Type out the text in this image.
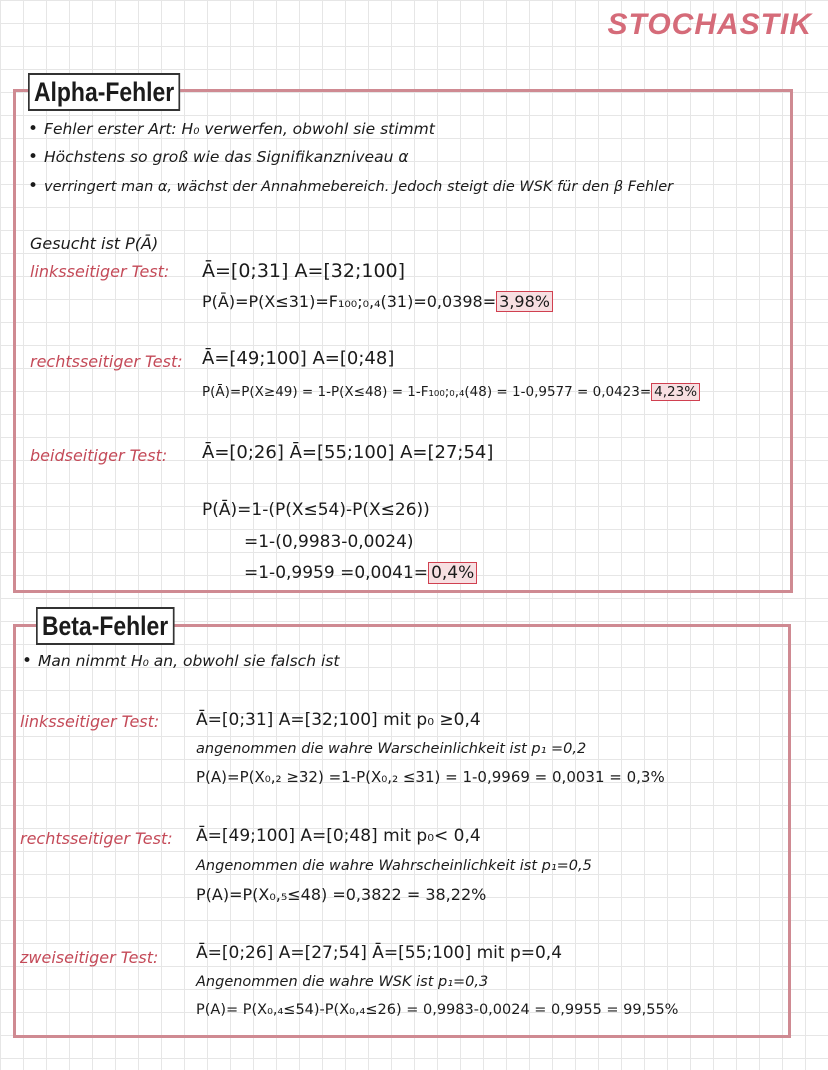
STOCHASTIK
Alpha-Fehler
• Fehler erster Art: H₀ verwerfen, obwohl sie stimmt
• Höchstens so groß wie das Signifikanzniveau α
• verringert man α, wächst der Annahmebereich. Jedoch steigt die WSK für den β Fehler
Gesucht ist P(Ā)
linksseitiger Test: Ā=[0;31] A=[32;100]
P(Ā)=P(X≤31)=F₁₀₀;₀,₄(31)=0,0398= 3,98%
rechtsseitiger Test: Ā=[49;100] A=[0;48]
P(Ā)=P(X≥49) = 1-P(X≤48) = 1-F₁₀₀;₀,₄(48) = 1-0,9577 = 0,0423= 4,23%
beidseitiger Test: Ā=[0;26] Ā=[55;100] A=[27;54]
P(Ā)=1-(P(X≤54)-P(X≤26))
=1-(0,9983-0,0024)
=1-0,9959 =0,0041= 0,4%
Beta-Fehler
• Man nimmt H₀ an, obwohl sie falsch ist
linksseitiger Test: Ā=[0;31] A=[32;100] mit p₀ ≥0,4
angenommen die wahre Warscheinlichkeit ist p₁ =0,2
P(A)=P(X₀,₂ ≥32) =1-P(X₀,₂ ≤31) = 1-0,9969 = 0,0031 = 0,3%
rechtsseitiger Test: Ā=[49;100] A=[0;48] mit p₀< 0,4
Angenommen die wahre Wahrscheinlichkeit ist p₁=0,5
P(A)=P(X₀,₅≤48) =0,3822 = 38,22%
zweiseitiger Test: Ā=[0;26] A=[27;54] Ā=[55;100] mit p=0,4
Angenommen die wahre WSK ist p₁=0,3
P(A)= P(X₀,₄≤54)-P(X₀,₄≤26) = 0,9983-0,0024 = 0,9955 = 99,55%
